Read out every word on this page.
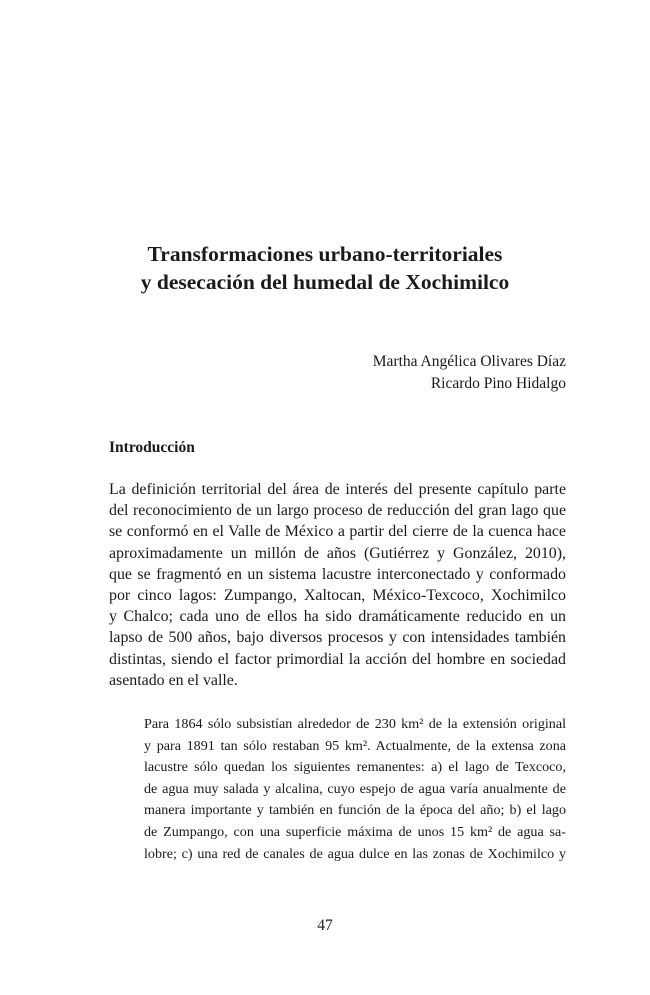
Transformaciones urbano-territoriales
y desecación del humedal de Xochimilco
Martha Angélica Olivares Díaz
Ricardo Pino Hidalgo
Introducción
La definición territorial del área de interés del presente capítulo parte
del reconocimiento de un largo proceso de reducción del gran lago que
se conformó en el Valle de México a partir del cierre de la cuenca hace
aproximadamente un millón de años (Gutiérrez y González, 2010),
que se fragmentó en un sistema lacustre interconectado y conformado
por cinco lagos: Zumpango, Xaltocan, México-Texcoco, Xochimilco
y Chalco; cada uno de ellos ha sido dramáticamente reducido en un
lapso de 500 años, bajo diversos procesos y con intensidades también
distintas, siendo el factor primordial la acción del hombre en sociedad
asentado en el valle.
Para 1864 sólo subsistían alrededor de 230 km² de la extensión original
y para 1891 tan sólo restaban 95 km². Actualmente, de la extensa zona
lacustre sólo quedan los siguientes remanentes: a) el lago de Texcoco,
de agua muy salada y alcalina, cuyo espejo de agua varía anualmente de
manera importante y también en función de la época del año; b) el lago
de Zumpango, con una superficie máxima de unos 15 km² de agua sa-
lobre; c) una red de canales de agua dulce en las zonas de Xochimilco y
47
